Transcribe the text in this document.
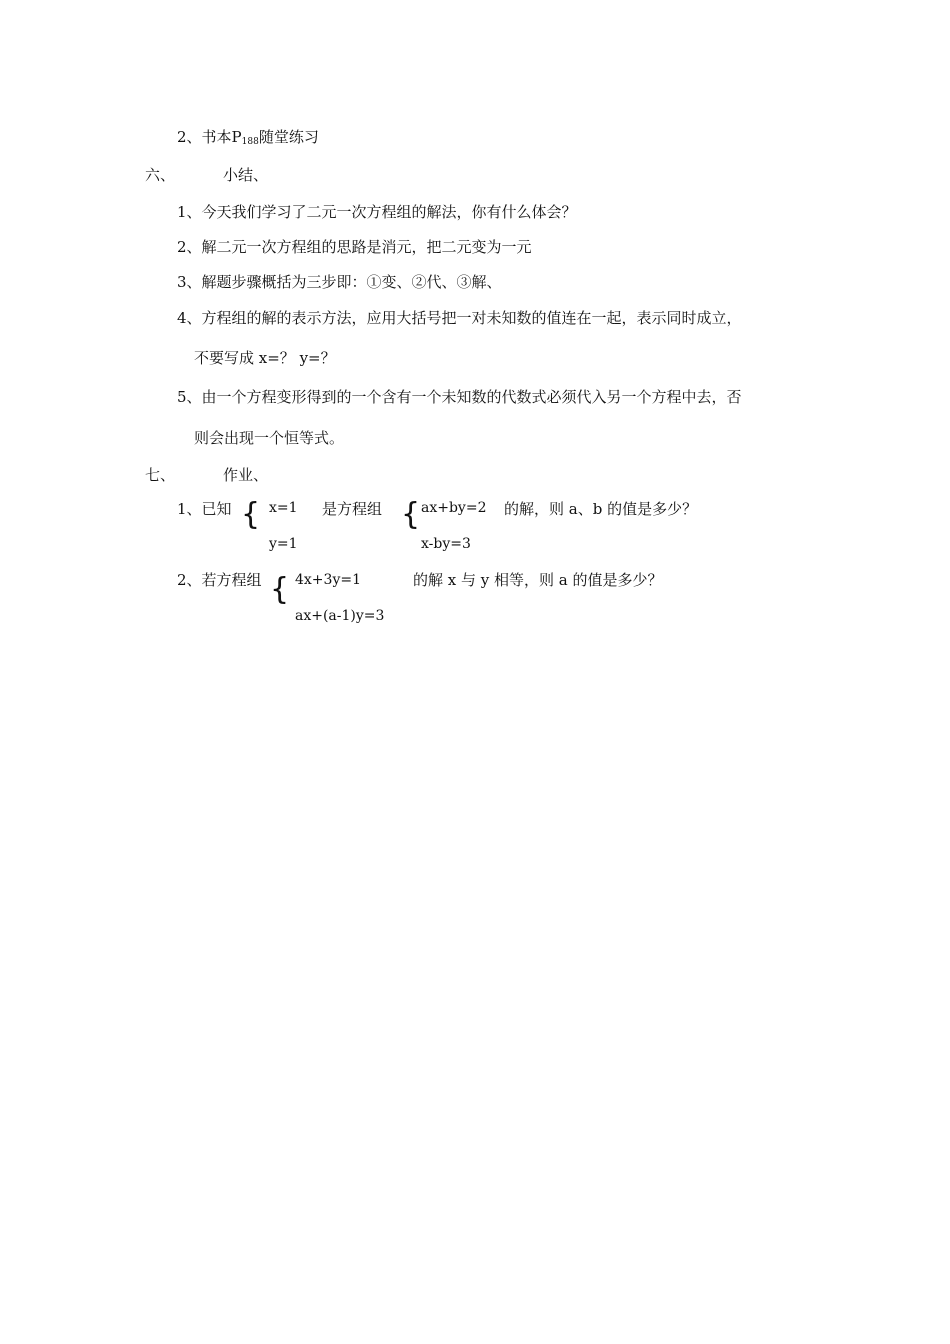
2、书本$P_{188}$随堂练习
六、	小结、
1、今天我们学习了二元一次方程组的解法，你有什么体会？
2、解二元一次方程组的思路是消元，把二元变为一元
3、解题步骤概括为三步即：①变、②代、③解、
4、方程组的解的表示方法，应用大括号把一对未知数的值连在一起，表示同时成立，
不要写成 x=？ y=？
5、由一个方程变形得到的一个含有一个未知数的代数式必须代入另一个方程中去，否
则会出现一个恒等式。
七、	作业、
1、已知 { x=1
y=1
是方程组 { ax+by=2
x-by=3
的解，则 a、b 的值是多少？
2、若方程组 { 4x+3y=1
ax+(a-1)y=3
的解 x 与 y 相等，则 a 的值是多少？
